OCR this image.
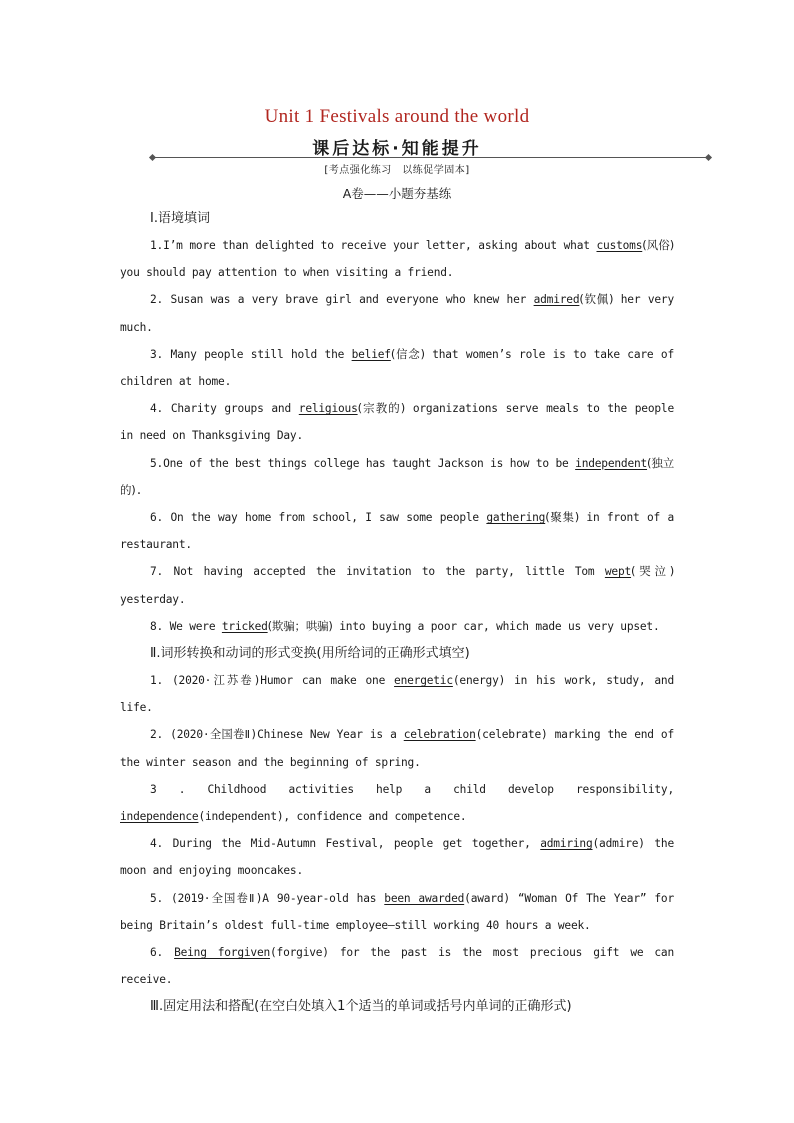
Unit 1 Festivals around the world
课后达标·知能提升
[考点强化练习　以练促学固本]
A卷——小题夯基练
Ⅰ.语境填词

1.I’m more than delighted to receive your letter, asking about what customs(风俗) you should pay attention to when visiting a friend.

2. Susan was a very brave girl and everyone who knew her admired(钦佩) her very much.

3. Many people still hold the belief(信念) that women’s role is to take care of children at home.

4. Charity groups and religious(宗教的) organizations serve meals to the people in need on Thanksgiving Day.

5.One of the best things college has taught Jackson is how to be independent(独立的).

6. On the way home from school, I saw some people gathering(聚集) in front of a restaurant.

7. Not having accepted the invitation to the party, little Tom wept(哭泣) yesterday.

8. We were tricked(欺骗；哄骗) into buying a poor car, which made us very upset.

Ⅱ.词形转换和动词的形式变换(用所给词的正确形式填空)

1. (2020·江苏卷)Humor can make one energetic(energy) in his work, study, and life.

2. (2020·全国卷Ⅱ)Chinese New Year is a celebration(celebrate) marking the end of the winter season and the beginning of spring.

3 . Childhood activities help a child develop responsibility, independence(independent), confidence and competence.

4. During the Mid-Autumn Festival, people get together, admiring(admire) the moon and enjoying mooncakes.

5. (2019·全国卷Ⅱ)A 90-year-old has been awarded(award) “Woman Of The Year” for being Britain’s oldest full-time employee—still working 40 hours a week.

6. Being forgiven(forgive) for the past is the most precious gift we can receive.

Ⅲ.固定用法和搭配(在空白处填入1个适当的单词或括号内单词的正确形式)
